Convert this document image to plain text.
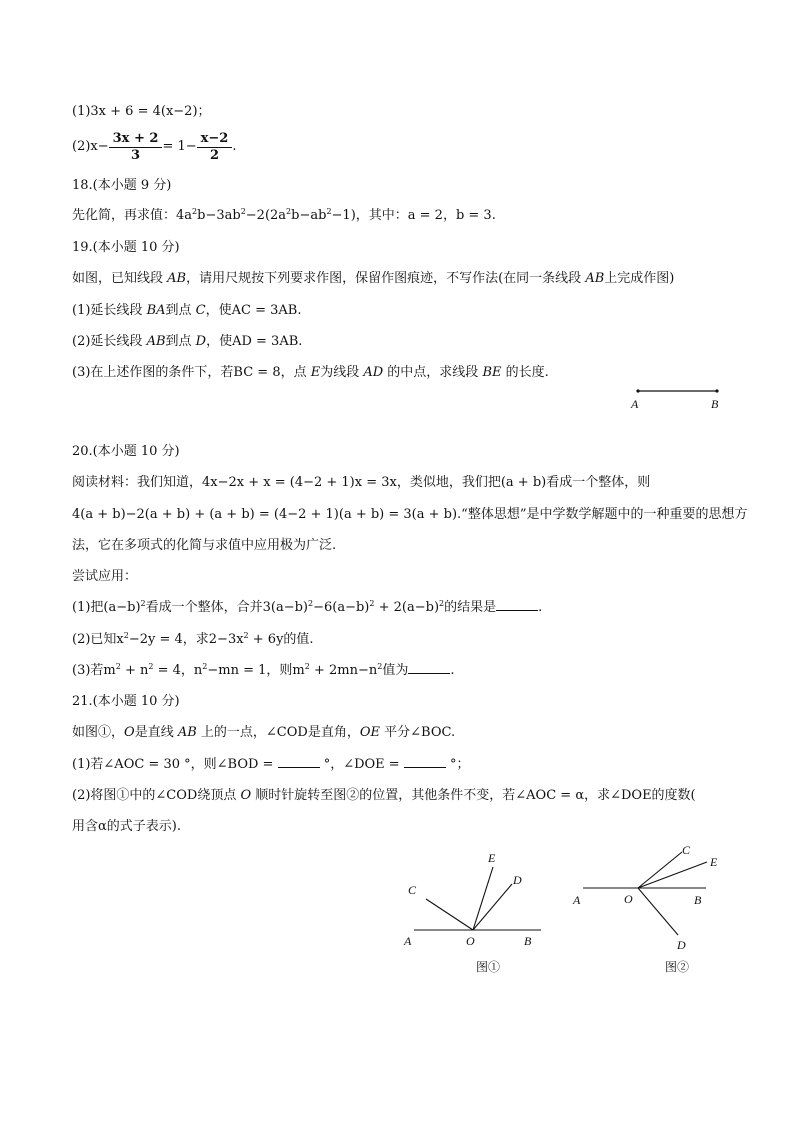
(1)3x + 6 = 4(x−2)；
$(2)x- \frac{3x + 2}{3} = 1- \frac{x-2}{2}$ .
18.(本小题 9 分)
先化简，再求值：$4a^2b-3ab^2-2(2a^2b-ab^2-1)$，其中：a = 2，b = 3.
19.(本小题 10 分)
如图，已知线段 AB，请用尺规按下列要求作图，保留作图痕迹，不写作法(在同一条线段 AB上完成作图)
(1)延长线段 BA到点 C，使AC = 3AB.
(2)延长线段 AB到点 D，使AD = 3AB.
(3)在上述作图的条件下，若BC = 8，点 E为线段 AD 的中点，求线段 BE 的长度.
A	B
20.(本小题 10 分)
阅读材料：我们知道，4x−2x + x = (4−2 + 1)x = 3x，类似地，我们把(a + b)看成一个整体，则
4(a + b)−2(a + b) + (a + b) = (4−2 + 1)(a + b) = 3(a + b).“整体思想”是中学数学解题中的一种重要的思想方
法，它在多项式的化简与求值中应用极为广泛.
尝试应用：
(1)把$(a-b)^2$看成一个整体，合并$3(a-b)^2-6(a-b)^2 + 2(a-b)^2$的结果是	.
(2)已知$x^2-2y = 4$，求$2-3x^2 + 6y$的值.
(3)若$m^2 + n^2 = 4$，$n^2-mn = 1$，则$m^2 + 2mn-n^2$值为	.
21.(本小题 10 分)
如图①，O是直线 AB 上的一点，∠COD是直角，OE 平分∠BOC.
(1)若∠AOC = 30 °，则∠BOD =	°，∠DOE =	°；
(2)将图①中的∠COD绕顶点 O 顺时针旋转至图②的位置，其他条件不变，若∠AOC = α，求∠DOE的度数(
用含α的式子表示).
A	O	B
C
E
D
图①
A	O	B
C
E
D
图②
